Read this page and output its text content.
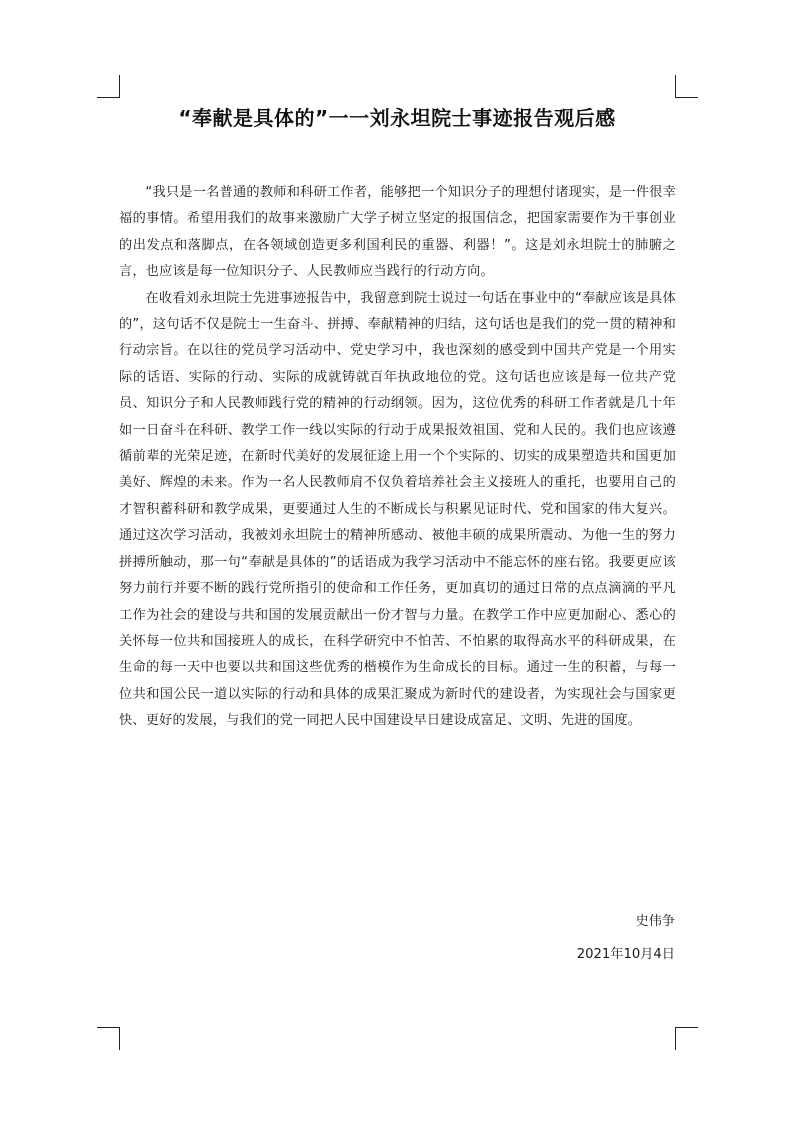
“奉献是具体的”一一刘永坦院士事迹报告观后感

“我只是一名普通的教师和科研工作者，能够把一个知识分子的理想付诸现实，是一件很幸福的事情。希望用我们的故事来激励广大学子树立坚定的报国信念，把国家需要作为干事创业的出发点和落脚点，在各领域创造更多利国利民的重器、利器！”。这是刘永坦院士的肺腑之言，也应该是每一位知识分子、人民教师应当践行的行动方向。

在收看刘永坦院士先进事迹报告中，我留意到院士说过一句话在事业中的“奉献应该是具体的”，这句话不仅是院士一生奋斗、拼搏、奉献精神的归结，这句话也是我们的党一贯的精神和行动宗旨。在以往的党员学习活动中、党史学习中，我也深刻的感受到中国共产党是一个用实际的话语、实际的行动、实际的成就铸就百年执政地位的党。这句话也应该是每一位共产党员、知识分子和人民教师践行党的精神的行动纲领。因为，这位优秀的科研工作者就是几十年如一日奋斗在科研、教学工作一线以实际的行动于成果报效祖国、党和人民的。我们也应该遵循前辈的光荣足迹，在新时代美好的发展征途上用一个个实际的、切实的成果塑造共和国更加美好、辉煌的未来。作为一名人民教师肩不仅负着培养社会主义接班人的重托，也要用自己的才智积蓄科研和教学成果，更要通过人生的不断成长与积累见证时代、党和国家的伟大复兴。通过这次学习活动，我被刘永坦院士的精神所感动、被他丰硕的成果所震动、为他一生的努力拼搏所触动，那一句“奉献是具体的”的话语成为我学习活动中不能忘怀的座右铭。我要更应该努力前行并要不断的践行党所指引的使命和工作任务，更加真切的通过日常的点点滴滴的平凡工作为社会的建设与共和国的发展贡献出一份才智与力量。在教学工作中应更加耐心、悉心的关怀每一位共和国接班人的成长，在科学研究中不怕苦、不怕累的取得高水平的科研成果，在生命的每一天中也要以共和国这些优秀的楷模作为生命成长的目标。通过一生的积蓄，与每一位共和国公民一道以实际的行动和具体的成果汇聚成为新时代的建设者，为实现社会与国家更快、更好的发展，与我们的党一同把人民中国建设早日建设成富足、文明、先进的国度。

史伟争
2021年10月4日
